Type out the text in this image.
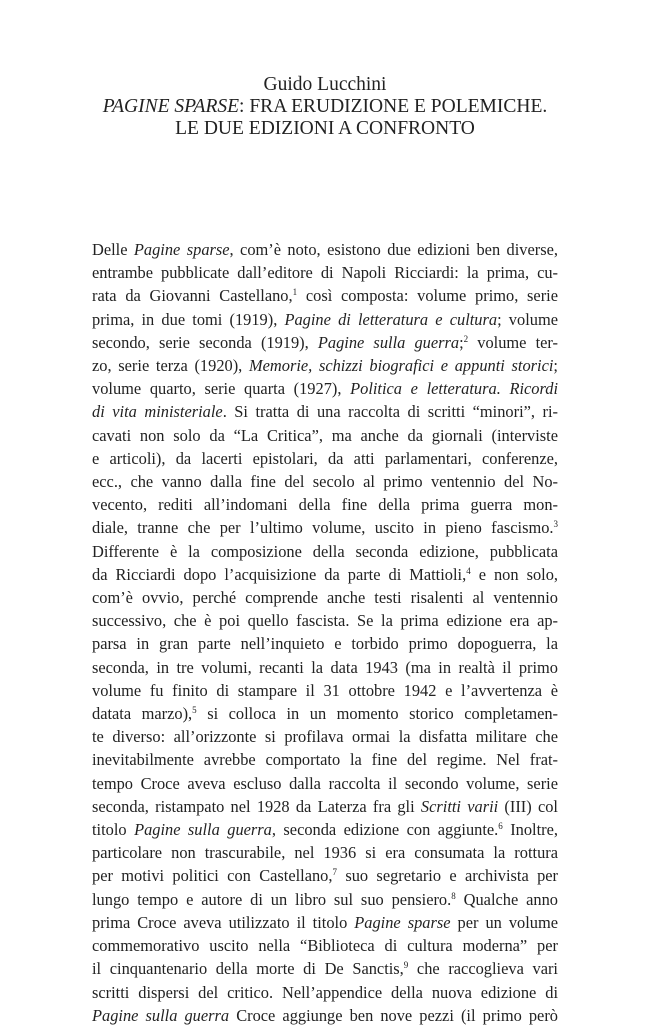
Guido Lucchini
PAGINE SPARSE: FRA ERUDIZIONE E POLEMICHE.
LE DUE EDIZIONI A CONFRONTO
Delle Pagine sparse, com’è noto, esistono due edizioni ben diverse,
entrambe pubblicate dall’editore di Napoli Ricciardi: la prima, cu-
rata da Giovanni Castellano,$^1$ così composta: volume primo, serie
prima, in due tomi (1919), Pagine di letteratura e cultura; volume
secondo, serie seconda (1919), Pagine sulla guerra;$^2$ volume ter-
zo, serie terza (1920), Memorie, schizzi biografici e appunti storici;
volume quarto, serie quarta (1927), Politica e letteratura. Ricordi
di vita ministeriale. Si tratta di una raccolta di scritti “minori”, ri-
cavati non solo da “La Critica”, ma anche da giornali (interviste
e articoli), da lacerti epistolari, da atti parlamentari, conferenze,
ecc., che vanno dalla fine del secolo al primo ventennio del No-
vecento, rediti all’indomani della fine della prima guerra mon-
diale, tranne che per l’ultimo volume, uscito in pieno fascismo.$^3$
Differente è la composizione della seconda edizione, pubblicata
da Ricciardi dopo l’acquisizione da parte di Mattioli,$^4$ e non solo,
com’è ovvio, perché comprende anche testi risalenti al ventennio
successivo, che è poi quello fascista. Se la prima edizione era ap-
parsa in gran parte nell’inquieto e torbido primo dopoguerra, la
seconda, in tre volumi, recanti la data 1943 (ma in realtà il primo
volume fu finito di stampare il 31 ottobre 1942 e l’avvertenza è
datata marzo),$^5$ si colloca in un momento storico completamen-
te diverso: all’orizzonte si profilava ormai la disfatta militare che
inevitabilmente avrebbe comportato la fine del regime. Nel frat-
tempo Croce aveva escluso dalla raccolta il secondo volume, serie
seconda, ristampato nel 1928 da Laterza fra gli Scritti varii (III) col
titolo Pagine sulla guerra, seconda edizione con aggiunte.$^6$ Inoltre,
particolare non trascurabile, nel 1936 si era consumata la rottura
per motivi politici con Castellano,$^7$ suo segretario e archivista per
lungo tempo e autore di un libro sul suo pensiero.$^8$ Qualche anno
prima Croce aveva utilizzato il titolo Pagine sparse per un volume
commemorativo uscito nella “Biblioteca di cultura moderna” per
il cinquantenario della morte di De Sanctis,$^9$ che raccoglieva vari
scritti dispersi del critico. Nell’appendice della nuova edizione di
Pagine sulla guerra Croce aggiunge ben nove pezzi (il primo però
